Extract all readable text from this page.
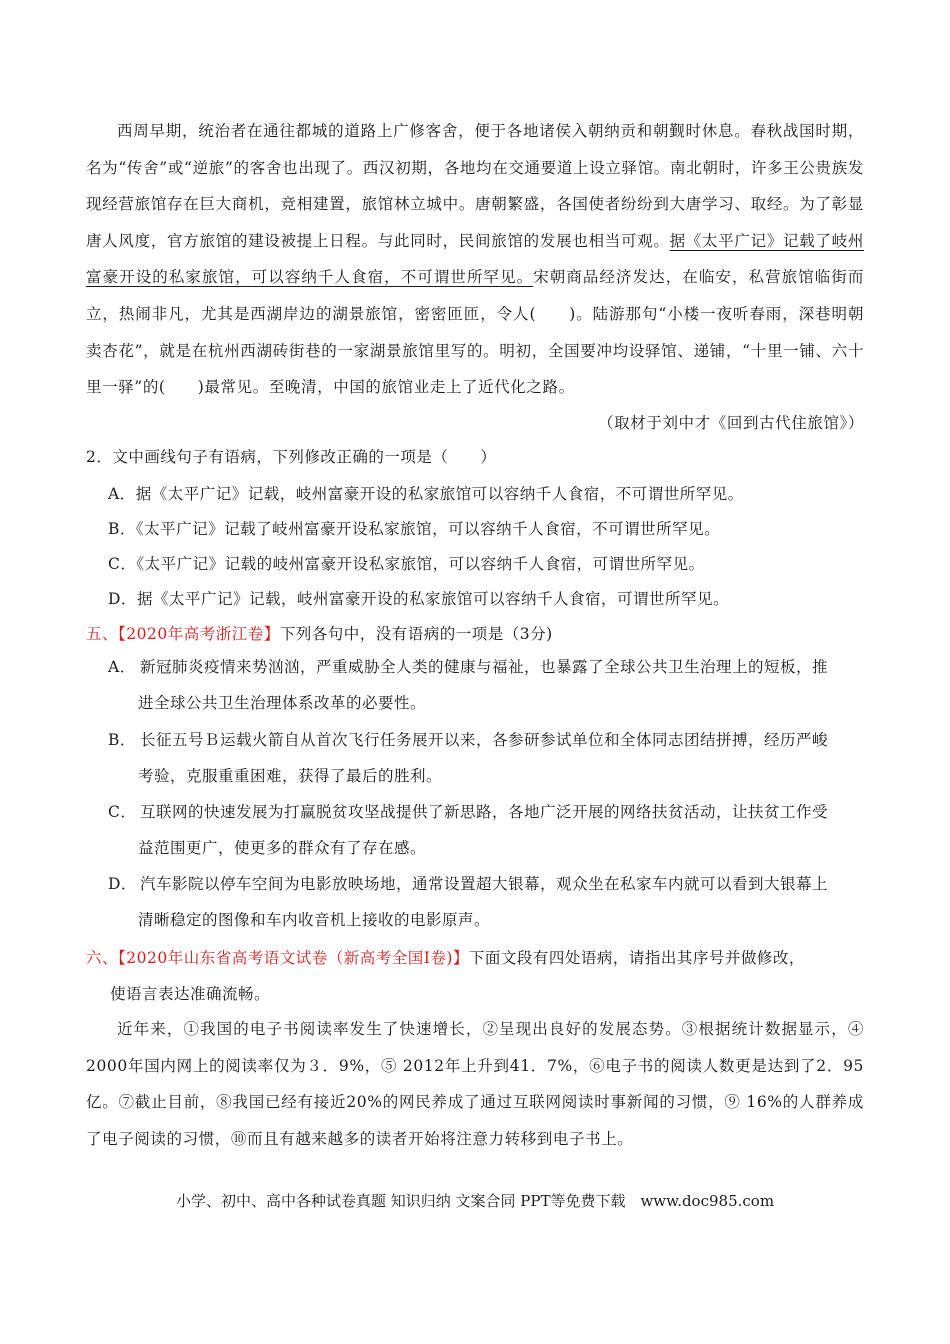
西周早期，统治者在通往都城的道路上广修客舍，便于各地诸侯入朝纳贡和朝觐时休息。春秋战国时期，名为“传舍”或“逆旅”的客舍也出现了。西汉初期，各地均在交通要道上设立驿馆。南北朝时，许多王公贵族发现经营旅馆存在巨大商机，竞相建置，旅馆林立城中。唐朝繁盛，各国使者纷纷到大唐学习、取经。为了彰显唐人风度，官方旅馆的建设被提上日程。与此同时，民间旅馆的发展也相当可观。据《太平广记》记载了岐州富豪开设的私家旅馆，可以容纳千人食宿，不可谓世所罕见。宋朝商品经济发达，在临安，私营旅馆临街而立，热闹非凡，尤其是西湖岸边的湖景旅馆，密密匝匝，令人(　　)。陆游那句“小楼一夜听春雨，深巷明朝卖杏花”，就是在杭州西湖砖街巷的一家湖景旅馆里写的。明初，全国要冲均设驿馆、递铺，“十里一铺、六十里一驿”的(　　)最常见。至晚清，中国的旅馆业走上了近代化之路。

（取材于刘中才《回到古代住旅馆》）
2．文中画线句子有语病，下列修改正确的一项是（　　）
A．据《太平广记》记载，岐州富豪开设的私家旅馆可以容纳千人食宿，不可谓世所罕见。
B．《太平广记》记载了岐州富豪开设私家旅馆，可以容纳千人食宿，不可谓世所罕见。
C．《太平广记》记载的岐州富豪开设私家旅馆，可以容纳千人食宿，可谓世所罕见。
D．据《太平广记》记载，岐州富豪开设的私家旅馆可以容纳千人食宿，可谓世所罕见。
五、【2020年高考浙江卷】下列各句中，没有语病的一项是（3分)
A． 新冠肺炎疫情来势汹汹，严重威胁全人类的健康与福祉，也暴露了全球公共卫生治理上的短板，推
进全球公共卫生治理体系改革的必要性。
B． 长征五号Ｂ运载火箭自从首次飞行任务展开以来，各参研参试单位和全体同志团结拼搏，经历严峻
考验，克服重重困难，获得了最后的胜利。
C． 互联网的快速发展为打赢脱贫攻坚战提供了新思路，各地广泛开展的网络扶贫活动，让扶贫工作受
益范围更广，使更多的群众有了存在感。
D． 汽车影院以停车空间为电影放映场地，通常设置超大银幕，观众坐在私家车内就可以看到大银幕上
清晰稳定的图像和车内收音机上接收的电影原声。
六、【2020年山东省高考语文试卷（新高考全国Ⅰ卷)】下面文段有四处语病，请指出其序号并做修改，
使语言表达准确流畅。

近年来，①我国的电子书阅读率发生了快速增长，②呈现出良好的发展态势。③根据统计数据显示，④ 2000年国内网上的阅读率仅为３．9%，⑤ 2012年上升到41．7%，⑥电子书的阅读人数更是达到了2．95亿。⑦截止目前，⑧我国已经有接近20%的网民养成了通过互联网阅读时事新闻的习惯，⑨ 16%的人群养成了电子阅读的习惯，⑩而且有越来越多的读者开始将注意力转移到电子书上。

小学、初中、高中各种试卷真题 知识归纳 文案合同 PPT等免费下载　www.doc985.com
